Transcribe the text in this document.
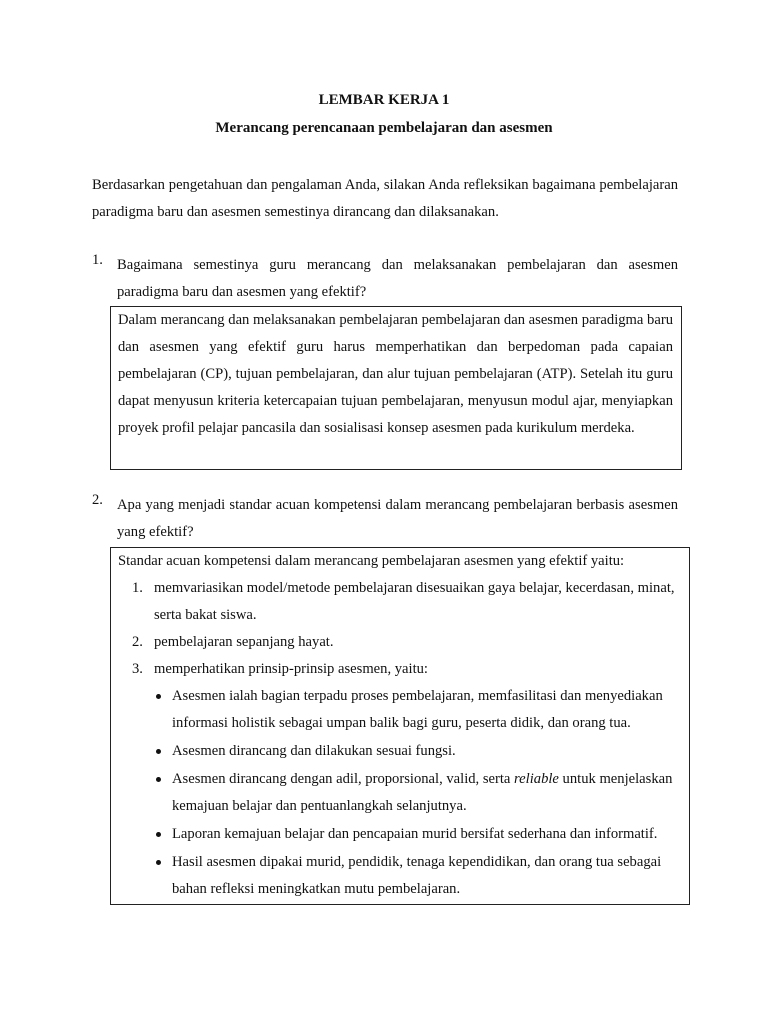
LEMBAR KERJA 1
Merancang perencanaan pembelajaran dan asesmen
Berdasarkan pengetahuan dan pengalaman Anda, silakan Anda refleksikan bagaimana pembelajaran paradigma baru dan asesmen semestinya dirancang dan dilaksanakan.
1. Bagaimana semestinya guru merancang dan melaksanakan pembelajaran dan asesmen paradigma baru dan asesmen yang efektif?
Dalam merancang dan melaksanakan pembelajaran pembelajaran dan asesmen paradigma baru dan asesmen yang efektif guru harus memperhatikan dan berpedoman pada capaian pembelajaran (CP), tujuan pembelajaran, dan alur tujuan pembelajaran (ATP). Setelah itu guru dapat menyusun kriteria ketercapaian tujuan pembelajaran, menyusun modul ajar, menyiapkan proyek profil pelajar pancasila dan sosialisasi konsep asesmen pada kurikulum merdeka.
2. Apa yang menjadi standar acuan kompetensi dalam merancang pembelajaran berbasis asesmen yang efektif?
Standar acuan kompetensi dalam merancang pembelajaran asesmen yang efektif yaitu:
1. memvariasikan model/metode pembelajaran disesuaikan gaya belajar, kecerdasan, minat, serta bakat siswa.
2. pembelajaran sepanjang hayat.
3. memperhatikan prinsip-prinsip asesmen, yaitu:
Asesmen ialah bagian terpadu proses pembelajaran, memfasilitasi dan menyediakan informasi holistik sebagai umpan balik bagi guru, peserta didik, dan orang tua.
Asesmen dirancang dan dilakukan sesuai fungsi.
Asesmen dirancang dengan adil, proporsional, valid, serta reliable untuk menjelaskan kemajuan belajar dan pentuanlangkah selanjutnya.
Laporan kemajuan belajar dan pencapaian murid bersifat sederhana dan informatif.
Hasil asesmen dipakai murid, pendidik, tenaga kependidikan, dan orang tua sebagai bahan refleksi meningkatkan mutu pembelajaran.
